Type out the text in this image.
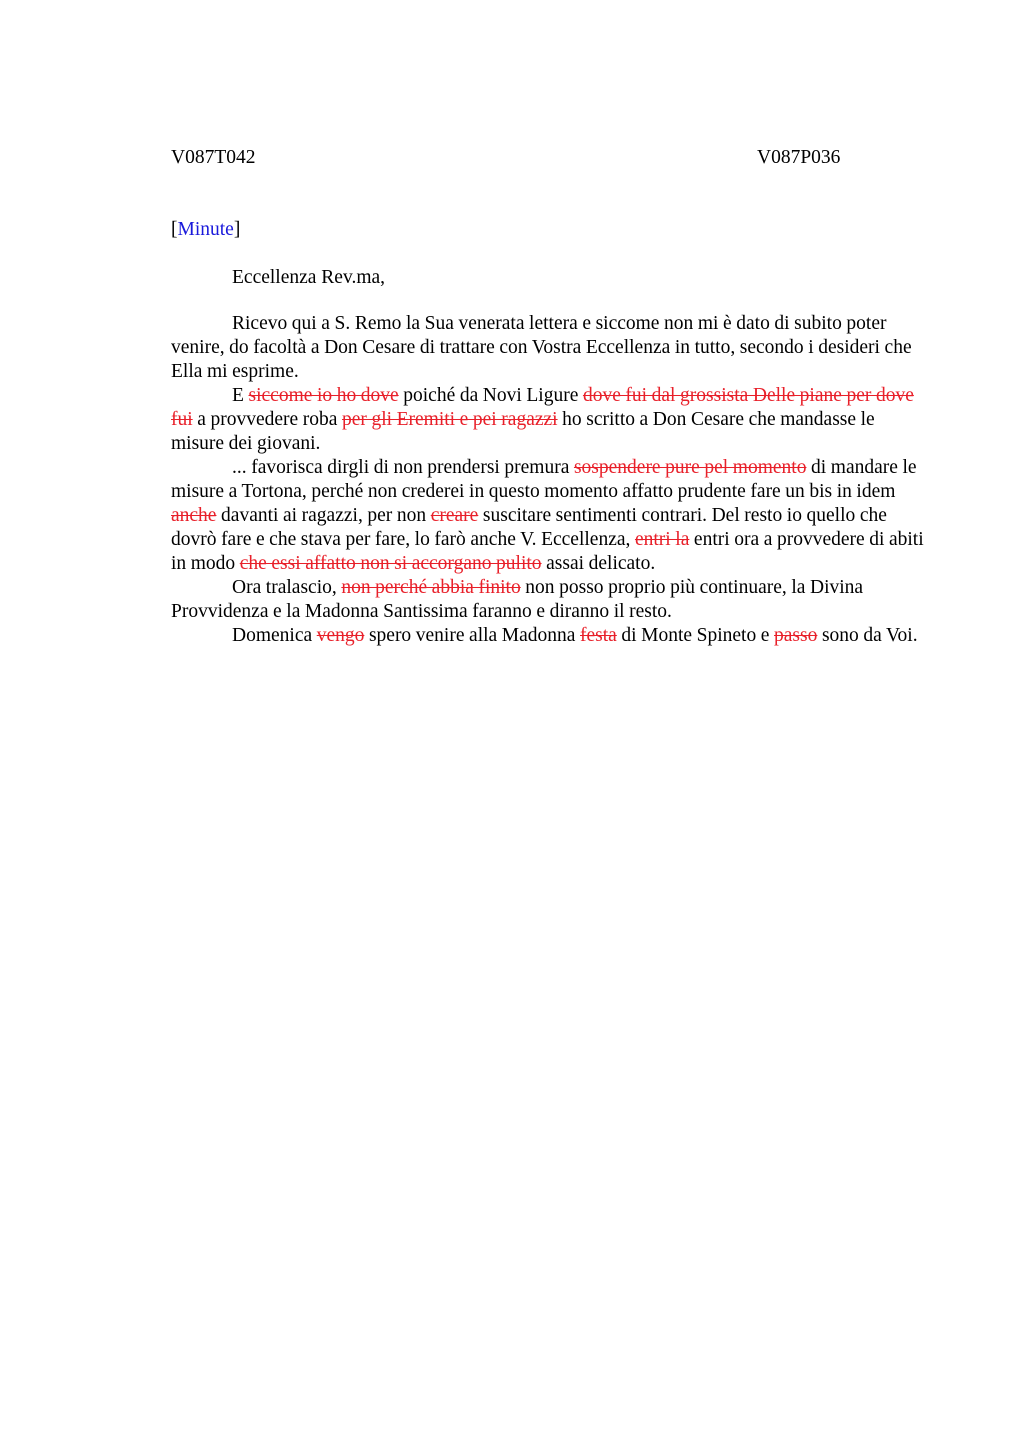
V087T042	V087P036
[Minute]
Eccellenza Rev.ma,

Ricevo qui a S. Remo la Sua venerata lettera e siccome non mi è dato di subito poter venire, do facoltà a Don Cesare di trattare con Vostra Eccellenza in tutto, secondo i desideri che Ella mi esprime.

E siccome io ho dove poiché da Novi Ligure dove fui dal grossista Delle piane per dove fui a provvedere roba per gli Eremiti e pei ragazzi ho scritto a Don Cesare che mandasse le misure dei giovani.

... favorisca dirgli di non prendersi premura sospendere pure pel momento di mandare le misure a Tortona, perché non crederei in questo momento affatto prudente fare un bis in idem anche davanti ai ragazzi, per non creare suscitare sentimenti contrari. Del resto io quello che dovrò fare e che stava per fare, lo farò anche V. Eccellenza, entri la entri ora a provvedere di abiti in modo che essi affatto non si accorgano pulito assai delicato.

Ora tralascio, non perché abbia finito non posso proprio più continuare, la Divina Provvidenza e la Madonna Santissima faranno e diranno il resto.

Domenica vengo spero venire alla Madonna festa di Monte Spineto e passo sono da Voi.
